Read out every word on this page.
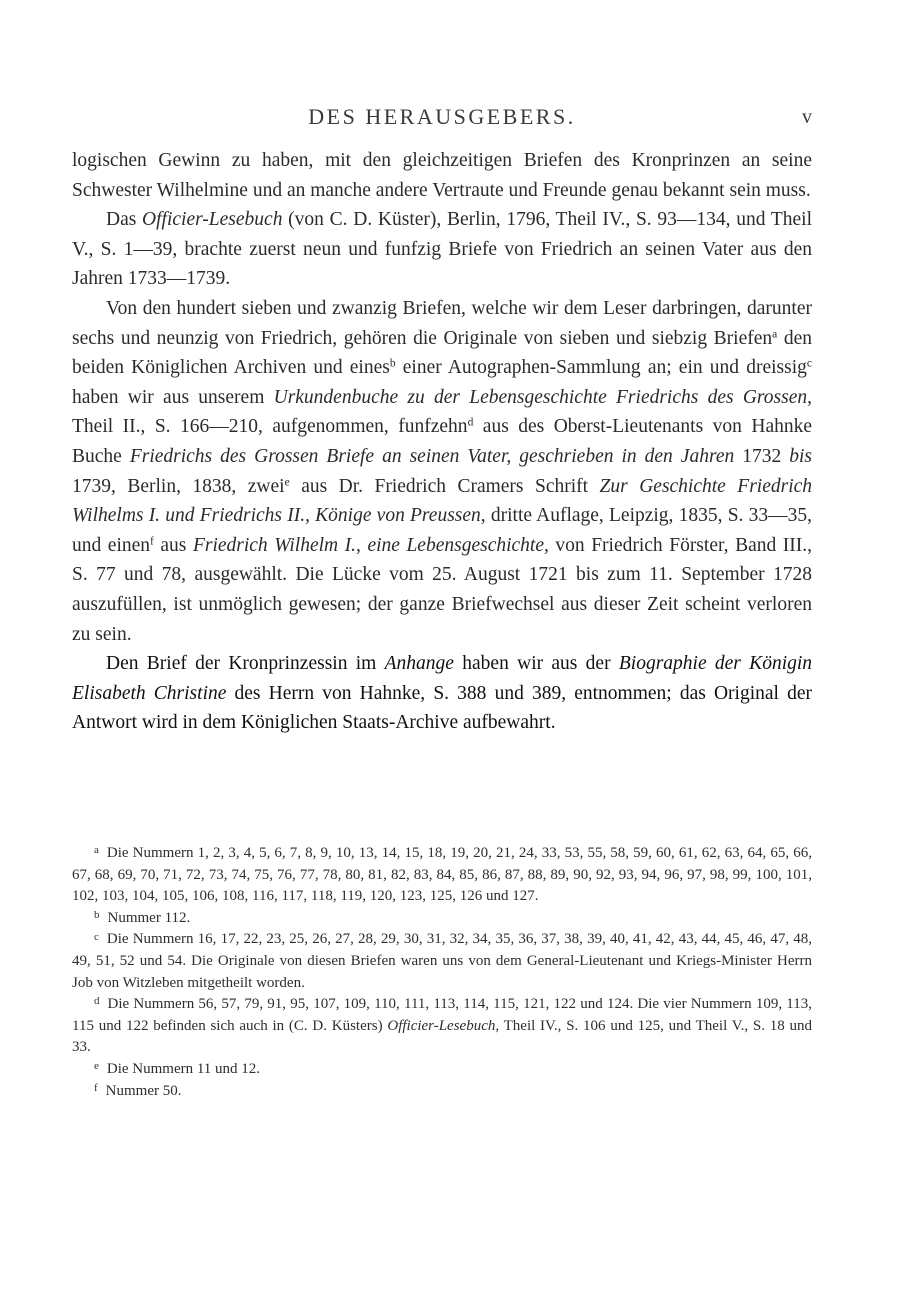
DES HERAUSGEBERS.	v

logischen Gewinn zu haben, mit den gleichzeitigen Briefen des Kronprinzen an seine Schwester Wilhelmine und an manche andere Vertraute und Freunde genau bekannt sein muss.

Das Officier-Lesebuch (von C. D. Küster), Berlin, 1796, Theil IV., S. 93—134, und Theil V., S. 1—39, brachte zuerst neun und funfzig Briefe von Friedrich an seinen Vater aus den Jahren 1733—1739.

Von den hundert sieben und zwanzig Briefen, welche wir dem Leser darbringen, darunter sechs und neunzig von Friedrich, gehören die Originale von sieben und siebzig Briefen$^a$ den beiden Königlichen Archiven und eines$^b$ einer Autographen-Sammlung an; ein und dreissig$^c$ haben wir aus unserem Urkundenbuche zu der Lebensgeschichte Friedrichs des Grossen, Theil II., S. 166—210, aufgenommen, funfzehn$^d$ aus des Oberst-Lieutenants von Hahnke Buche Friedrichs des Grossen Briefe an seinen Vater, geschrieben in den Jahren 1732 bis 1739, Berlin, 1838, zwei$^e$ aus Dr. Friedrich Cramers Schrift Zur Geschichte Friedrich Wilhelms I. und Friedrichs II., Könige von Preussen, dritte Auflage, Leipzig, 1835, S. 33—35, und einen$^f$ aus Friedrich Wilhelm I., eine Lebensgeschichte, von Friedrich Förster, Band III., S. 77 und 78, ausgewählt. Die Lücke vom 25. August 1721 bis zum 11. September 1728 auszufüllen, ist unmöglich gewesen; der ganze Briefwechsel aus dieser Zeit scheint verloren zu sein.

Den Brief der Kronprinzessin im Anhange haben wir aus der Biographie der Königin Elisabeth Christine des Herrn von Hahnke, S. 388 und 389, entnommen; das Original der Antwort wird in dem Königlichen Staats-Archive aufbewahrt.

$^a$ Die Nummern 1, 2, 3, 4, 5, 6, 7, 8, 9, 10, 13, 14, 15, 18, 19, 20, 21, 24, 33, 53, 55, 58, 59, 60, 61, 62, 63, 64, 65, 66, 67, 68, 69, 70, 71, 72, 73, 74, 75, 76, 77, 78, 80, 81, 82, 83, 84, 85, 86, 87, 88, 89, 90, 92, 93, 94, 96, 97, 98, 99, 100, 101, 102, 103, 104, 105, 106, 108, 116, 117, 118, 119, 120, 123, 125, 126 und 127.

$^b$ Nummer 112.

$^c$ Die Nummern 16, 17, 22, 23, 25, 26, 27, 28, 29, 30, 31, 32, 34, 35, 36, 37, 38, 39, 40, 41, 42, 43, 44, 45, 46, 47, 48, 49, 51, 52 und 54. Die Originale von diesen Briefen waren uns von dem General-Lieutenant und Kriegs-Minister Herrn Job von Witzleben mitgetheilt worden.

$^d$ Die Nummern 56, 57, 79, 91, 95, 107, 109, 110, 111, 113, 114, 115, 121, 122 und 124. Die vier Nummern 109, 113, 115 und 122 befinden sich auch in (C. D. Küsters) Officier-Lesebuch, Theil IV., S. 106 und 125, und Theil V., S. 18 und 33.

$^e$ Die Nummern 11 und 12.

$^f$ Nummer 50.
